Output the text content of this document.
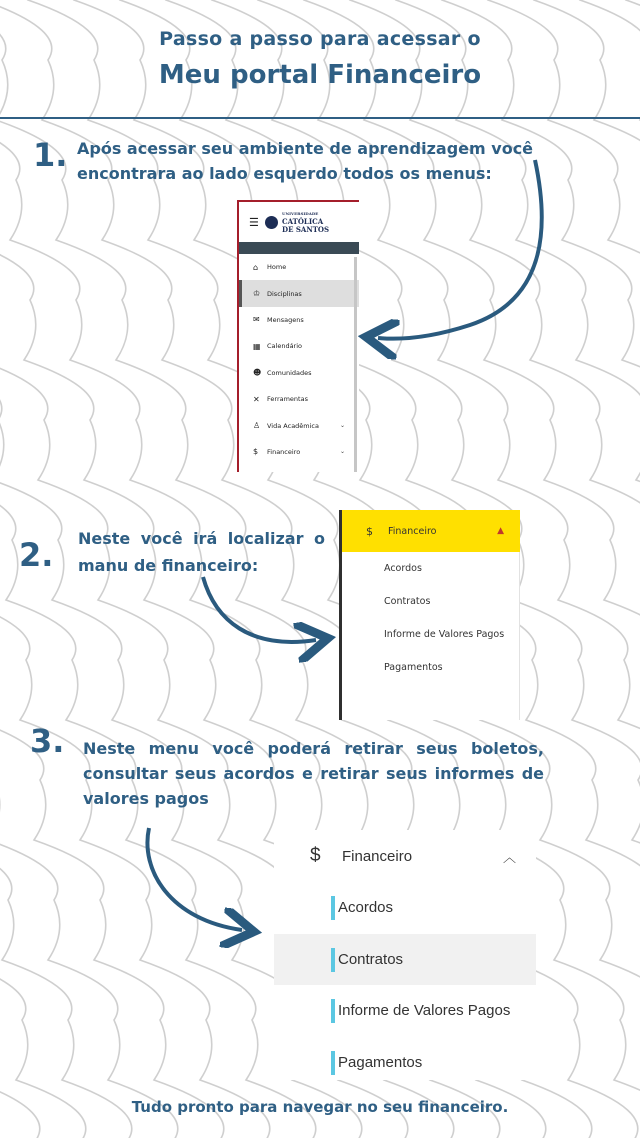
Passo a passo para acessar o
Meu portal Financeiro
1. Após acessar seu ambiente de aprendizagem você encontrara ao lado esquerdo todos os menus:
☰
UNIVERSIDADE
CATÓLICA
DE SANTOS
⌂	Home
♔	Disciplinas
✉	Mensagens
▦ Calendário
☻ Comunidades
✕	Ferramentas
♙	Vida Acadêmica	⌄
$	Financeiro	⌄
2. Neste você irá localizar o
manu de financeiro:
$	Financeiro	▲
Acordos
Contratos
Informe de Valores Pagos
Pagamentos
3. Neste menu você poderá retirar seus boletos,
consultar seus acordos e retirar seus informes de
valores pagos
$	Financeiro	︿
Acordos
Contratos
Informe de Valores Pagos
Pagamentos
Tudo pronto para navegar no seu financeiro.
